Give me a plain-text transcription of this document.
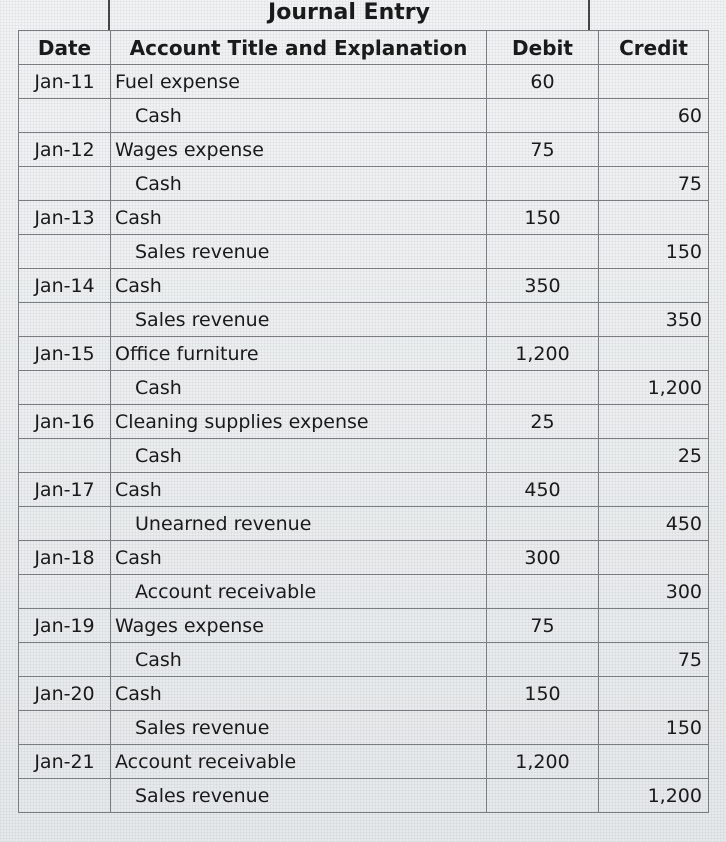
Journal Entry
Date	Account Title and Explanation	Debit	Credit
Jan-11	Fuel expense	60	
	Cash		60
Jan-12	Wages expense	75	
	Cash		75
Jan-13	Cash	150	
	Sales revenue		150
Jan-14	Cash	350	
	Sales revenue		350
Jan-15	Office furniture	1,200	
	Cash		1,200
Jan-16	Cleaning supplies expense	25	
	Cash		25
Jan-17	Cash	450	
	Unearned revenue		450
Jan-18	Cash	300	
	Account receivable		300
Jan-19	Wages expense	75	
	Cash		75
Jan-20	Cash	150	
	Sales revenue		150
Jan-21	Account receivable	1,200	
	Sales revenue		1,200
